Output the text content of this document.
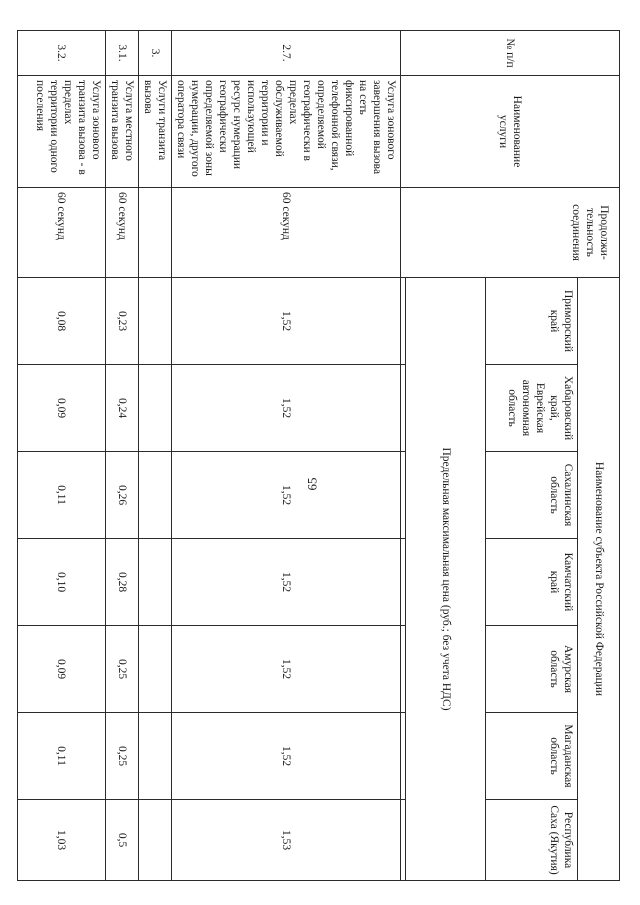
65
№ п/п	Наименование услуги	Продолжи-тельность соединения	Наименование субъекта Российской Федерации						
			Приморский край	Хабаровский край, Еврейская автономная область	Сахалинская область	Камчатский край	Амурская область	Магаданская область	Республика Саха (Якутия)
			Предельная максимальная цена (руб.; без учета НДС)						

2.7.	Услуга зонового завершения вызова на сеть фиксированной телефонной связи, определяемой географически в пределах обслуживаемой территории и использующей ресурс нумерации географически определяемой зоны нумерации, другого оператора связи	60 секунд	1,52	1,52	1,52	1,52	1,52	1,52	1,53
3.	Услуги транзита вызова								
3.1.	Услуга местного транзита вызова	60 секунд	0,23	0,24	0,26	0,28	0,25	0,25	0,5
3.2.	Услуга зонового транзита вызова - в пределах территории одного поселения	60 секунд	0,08	0,09	0,11	0,10	0,09	0,11	1,03
